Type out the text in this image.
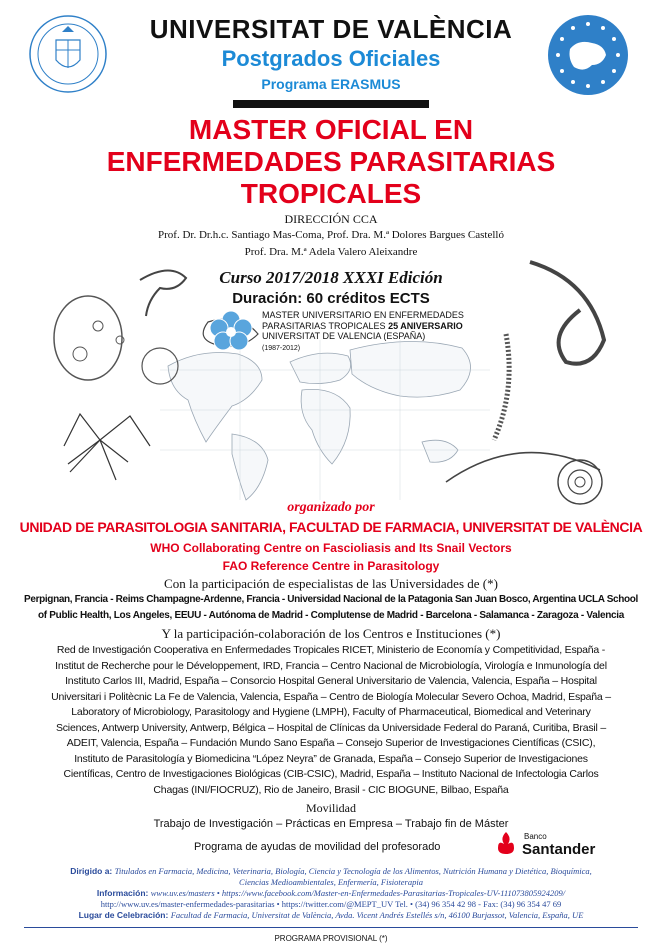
UNIVERSITAT DE VALÈNCIA
Postgrados Oficiales
Programa ERASMUS
MASTER OFICIAL EN
ENFERMEDADES PARASITARIAS
TROPICALES
DIRECCIÓN CCA
Prof. Dr. Dr.h.c. Santiago Mas-Coma, Prof. Dra. M.ª Dolores Bargues Castelló
Prof. Dra. M.ª Adela Valero Aleixandre
Curso 2017/2018 XXXI Edición
Duración: 60 créditos ECTS
MASTER UNIVERSITARIO EN ENFERMEDADES
PARASITARIAS TROPICALES 25 ANIVERSARIO
UNIVERSITAT DE VALENCIA (ESPAÑA)
(1987-2012)
organizado por
UNIDAD DE PARASITOLOGIA SANITARIA, FACULTAD DE FARMACIA, UNIVERSITAT DE VALÈNCIA
WHO Collaborating Centre on Fascioliasis and Its Snail Vectors
FAO Reference Centre in Parasitology
Con la participación de especialistas de las Universidades de (*)
Perpignan, Francia - Reims Champagne-Ardenne, Francia - Universidad Nacional de la Patagonia San Juan Bosco, Argentina UCLA School
of Public Health, Los Angeles, EEUU - Autónoma de Madrid - Complutense de Madrid - Barcelona - Salamanca - Zaragoza - Valencia
Y la participación-colaboración de los Centros e Instituciones (*)
Red de Investigación Cooperativa en Enfermedades Tropicales RICET, Ministerio de Economía y Competitividad, España -
Institut de Recherche pour le Développement, IRD, Francia – Centro Nacional de Microbiología, Virología e Inmunología del
Instituto Carlos III, Madrid, España – Consorcio Hospital General Universitario de Valencia, Valencia, España – Hospital
Universitari i Politècnic La Fe de Valencia, Valencia, España – Centro de Biología Molecular Severo Ochoa, Madrid, España –
Laboratory of Microbiology, Parasitology and Hygiene (LMPH), Faculty of Pharmaceutical, Biomedical and Veterinary
Sciences, Antwerp University, Antwerp, Bélgica – Hospital de Clínicas da Universidade Federal do Paraná, Curitiba, Brasil –
ADEIT, Valencia, España – Fundación Mundo Sano España – Consejo Superior de Investigaciones Científicas (CSIC),
Instituto de Parasitología y Biomedicina “López Neyra” de Granada, España – Consejo Superior de Investigaciones
Científicas, Centro de Investigaciones Biológicas (CIB-CSIC), Madrid, España – Instituto Nacional de Infectologia Carlos
Chagas (INI/FIOCRUZ), Rio de Janeiro, Brasil - CIC BIOGUNE, Bilbao, España
Movilidad
Trabajo de Investigación – Prácticas en Empresa – Trabajo fin de Máster
Programa de ayudas de movilidad del profesorado
Banco
Santander
Dirigido a: Titulados en Farmacia, Medicina, Veterinaria, Biología, Ciencia y Tecnología de los Alimentos, Nutrición Humana y Dietética, Bioquímica,
Ciencias Medioambientales, Enfermería, Fisioterapia
Información: www.uv.es/masters • https://www.facebook.com/Master-en-Enfermedades-Parasitarias-Tropicales-UV-111073805924209/
http://www.uv.es/master-enfermedades-parasitarias • https://twitter.com/@MEPT_UV Tel. • (34) 96 354 42 98 - Fax: (34) 96 354 47 69
Lugar de Celebración: Facultad de Farmacia, Universitat de València, Avda. Vicent Andrés Estellés s/n, 46100 Burjassot, Valencia, España, UE
PROGRAMA PROVISIONAL (*)
